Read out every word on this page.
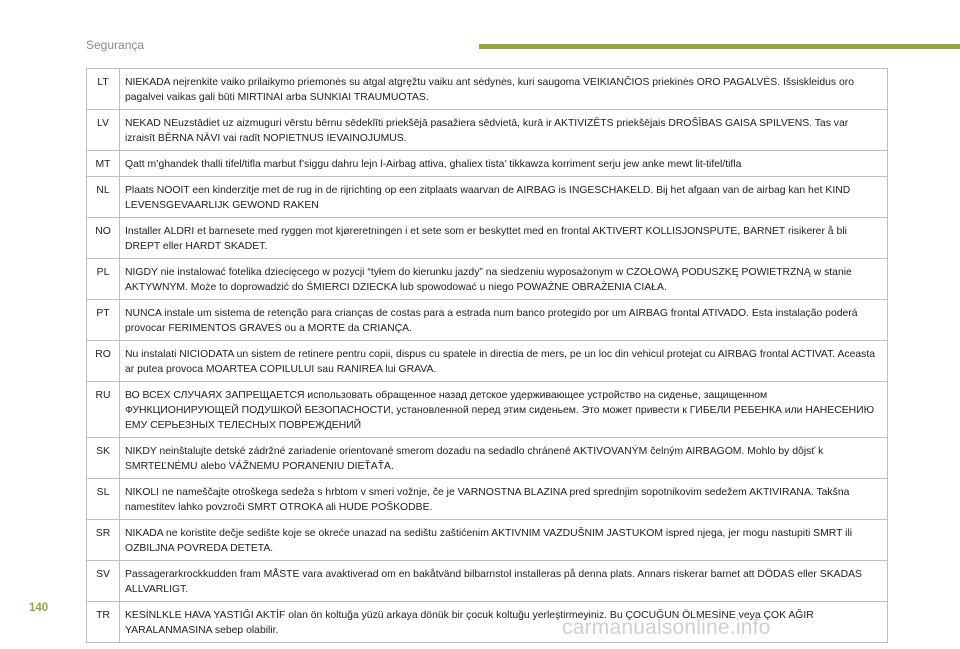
Segurança
LT	NIEKADA neįrenkite vaiko prilaikymo priemonės su atgal atgręžtu vaiku ant sėdynės, kuri saugoma VEIKIANČIOS priekinės ORO PAGALVĖS. Išsiskleidus oro pagalvei vaikas gali būti MIRTINAI arba SUNKIAI TRAUMUOTAS.
LV	NEKAD NEuzstādiet uz aizmuguri vērstu bērnu sēdeklīti priekšējā pasažiera sēdvietā, kurā ir AKTIVIZĒTS priekšējais DROŠĪBAS GAISA SPILVENS. Tas var izraisīt BĒRNA NĀVI vai radīt NOPIETNUS IEVAINOJUMUS.
MT	Qatt m’ghandek thalli tifel/tifla marbut f’siggu dahru lejn l-Airbag attiva, ghaliex tista’ tikkawza korriment serju jew anke mewt lit-tifel/tifla
NL	Plaats NOOIT een kinderzitje met de rug in de rijrichting op een zitplaats waarvan de AIRBAG is INGESCHAKELD. Bij het afgaan van de airbag kan het KIND LEVENSGEVAARLIJK GEWOND RAKEN
NO	Installer ALDRI et barnesete med ryggen mot kjøreretningen i et sete som er beskyttet med en frontal AKTIVERT KOLLISJONSPUTE, BARNET risikerer å bli DREPT eller HARDT SKADET.
PL	NIGDY nie instalować fotelika dziecięcego w pozycji “tyłem do kierunku jazdy” na siedzeniu wyposażonym w CZOŁOWĄ PODUSZKĘ POWIETRZNĄ w stanie AKTYWNYM. Może to doprowadzić do ŚMIERCI DZIECKA lub spowodować u niego POWAŻNE OBRAŻENIA CIAŁA.
PT	NUNCA instale um sistema de retenção para crianças de costas para a estrada num banco protegido por um AIRBAG frontal ATIVADO. Esta instalação poderá provocar FERIMENTOS GRAVES ou a MORTE da CRIANÇA.
RO	Nu instalati NICIODATA un sistem de retinere pentru copii, dispus cu spatele in directia de mers, pe un loc din vehicul protejat cu AIRBAG frontal ACTIVAT. Aceasta ar putea provoca MOARTEA COPILULUI sau RANIREA lui GRAVA.
RU	ВО ВСЕХ СЛУЧАЯХ ЗАПРЕЩАЕТСЯ использовать обращенное назад детское удерживающее устройство на сиденье, защищенном ФУНКЦИОНИРУЮЩЕЙ ПОДУШКОЙ БЕЗОПАСНОСТИ, установленной перед этим сиденьем. Это может привести к ГИБЕЛИ РЕБЕНКА или НАНЕСЕНИЮ ЕМУ СЕРЬЕЗНЫХ ТЕЛЕСНЫХ ПОВРЕЖДЕНИЙ
SK	NIKDY neinštalujte detské zádržné zariadenie orientované smerom dozadu na sedadlo chránené AKTIVOVANÝM čelným AIRBAGOM. Mohlo by dôjsť k SMRTEĽNÉMU alebo VÁŽNEMU PORANENIU DIEŤAŤA.
SL	NIKOLI ne nameščajte otroškega sedeža s hrbtom v smeri vožnje, če je VARNOSTNA BLAZINA pred sprednjim sopotnikovim sedežem AKTIVIRANA. Takšna namestitev lahko povzroči SMRT OTROKA ali HUDE POŠKODBE.
SR	NIKADA ne koristite dečje sedište koje se okreće unazad na sedištu zaštićenim AKTIVNIM VAZDUŠNIM JASTUKOM ispred njega, jer mogu nastupiti SMRT ili OZBILJNA POVREDA DETETA.
SV	Passagerarkrockkudden fram MÅSTE vara avaktiverad om en bakåtvänd bilbarnstol installeras på denna plats. Annars riskerar barnet att DÖDAS eller SKADAS ALLVARLIGT.
TR	KESİNLKLE HAVA YASTIĞI AKTİF olan ön koltuğa yüzü arkaya dönük bir çocuk koltuğu yerleştirmeyiniz. Bu ÇOCUĞUN ÖLMESİNE veya ÇOK AĞIR YARALANMASINA sebep olabilir.
140
carmanualsonline.info
